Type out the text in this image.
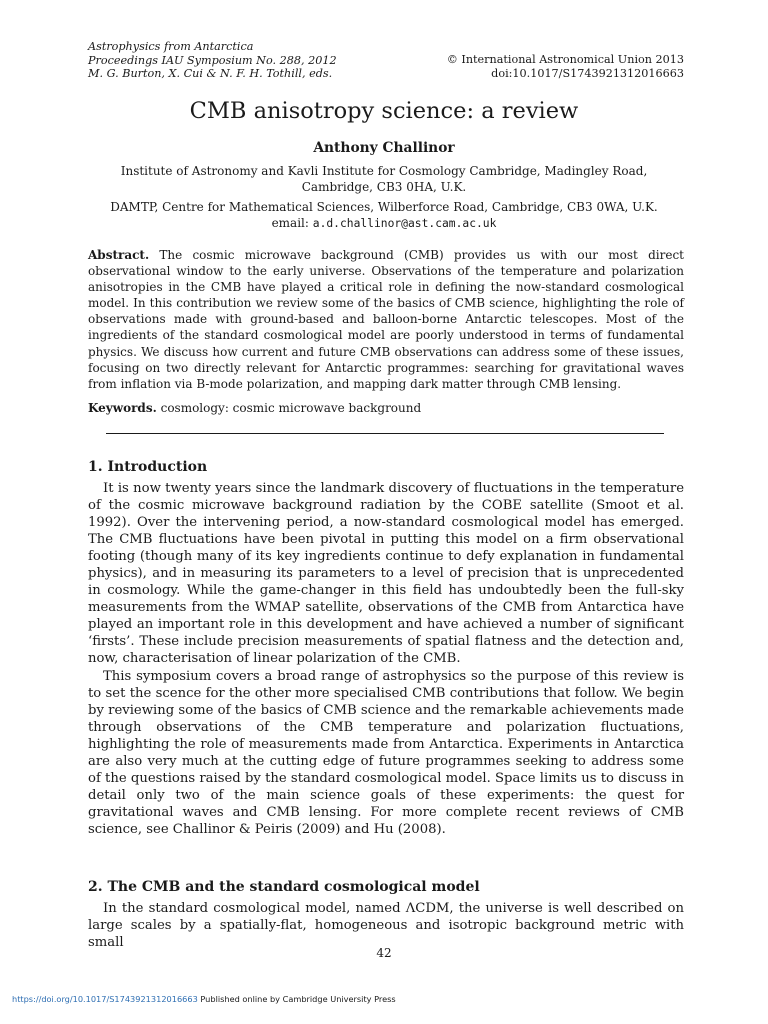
Astrophysics from Antarctica
Proceedings IAU Symposium No. 288, 2012
M. G. Burton, X. Cui & N. F. H. Tothill, eds.
© International Astronomical Union 2013
doi:10.1017/S1743921312016663
CMB anisotropy science: a review
Anthony Challinor
Institute of Astronomy and Kavli Institute for Cosmology Cambridge, Madingley Road,
Cambridge, CB3 0HA, U.K.
DAMTP, Centre for Mathematical Sciences, Wilberforce Road, Cambridge, CB3 0WA, U.K.
email: a.d.challinor@ast.cam.ac.uk
Abstract. The cosmic microwave background (CMB) provides us with our most direct observational window to the early universe. Observations of the temperature and polarization anisotropies in the CMB have played a critical role in defining the now-standard cosmological model. In this contribution we review some of the basics of CMB science, highlighting the role of observations made with ground-based and balloon-borne Antarctic telescopes. Most of the ingredients of the standard cosmological model are poorly understood in terms of fundamental physics. We discuss how current and future CMB observations can address some of these issues, focusing on two directly relevant for Antarctic programmes: searching for gravitational waves from inflation via B-mode polarization, and mapping dark matter through CMB lensing.
Keywords. cosmology: cosmic microwave background
1. Introduction

It is now twenty years since the landmark discovery of fluctuations in the temperature of the cosmic microwave background radiation by the COBE satellite (Smoot et al. 1992). Over the intervening period, a now-standard cosmological model has emerged. The CMB fluctuations have been pivotal in putting this model on a firm observational footing (though many of its key ingredients continue to defy explanation in fundamental physics), and in measuring its parameters to a level of precision that is unprecedented in cosmology. While the game-changer in this field has undoubtedly been the full-sky measurements from the WMAP satellite, observations of the CMB from Antarctica have played an important role in this development and have achieved a number of significant ‘firsts’. These include precision measurements of spatial flatness and the detection and, now, characterisation of linear polarization of the CMB.

This symposium covers a broad range of astrophysics so the purpose of this review is to set the scence for the other more specialised CMB contributions that follow. We begin by reviewing some of the basics of CMB science and the remarkable achievements made through observations of the CMB temperature and polarization fluctuations, highlighting the role of measurements made from Antarctica. Experiments in Antarctica are also very much at the cutting edge of future programmes seeking to address some of the questions raised by the standard cosmological model. Space limits us to discuss in detail only two of the main science goals of these experiments: the quest for gravitational waves and CMB lensing. For more complete recent reviews of CMB science, see Challinor & Peiris (2009) and Hu (2008).

2. The CMB and the standard cosmological model

In the standard cosmological model, named ΛCDM, the universe is well described on large scales by a spatially-flat, homogeneous and isotropic background metric with small

42
https://doi.org/10.1017/S1743921312016663 Published online by Cambridge University Press
